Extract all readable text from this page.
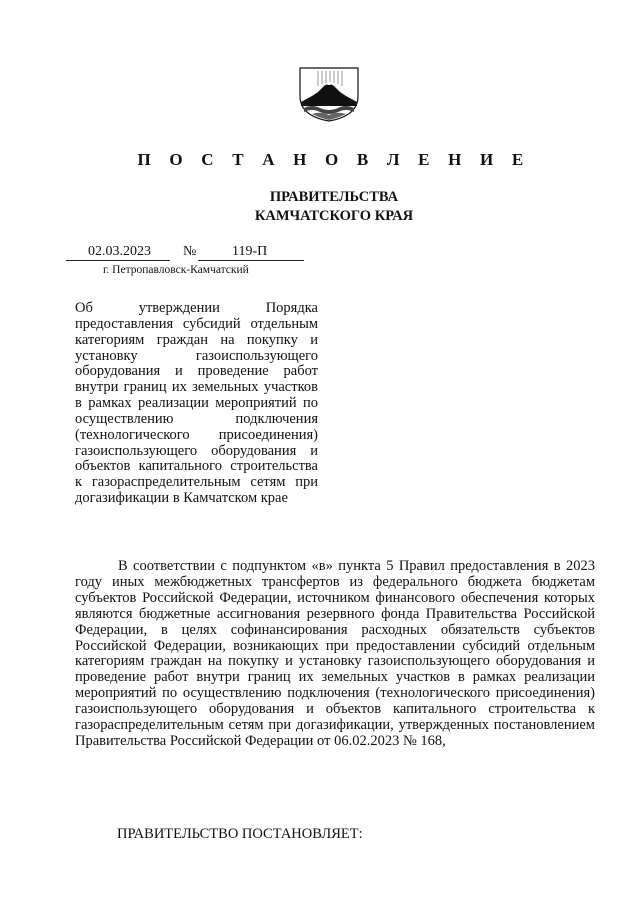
П О С Т А Н О В Л Е Н И Е
ПРАВИТЕЛЬСТВА
КАМЧАТСКОГО КРАЯ
02.03.2023 №	119-П
г. Петропавловск-Камчатский
Об утверждении Порядка предоставления субсидий отдельным категориям граждан на покупку и установку газоиспользующего оборудования и проведение работ внутри границ их земельных участков в рамках реализации мероприятий по осуществлению подключения (технологического присоединения) газоиспользующего оборудования и объектов капитального строительства к газораспределительным сетям при догазификации в Камчатском крае

В соответствии с подпунктом «в» пункта 5 Правил предоставления в 2023 году иных межбюджетных трансфертов из федерального бюджета бюджетам субъектов Российской Федерации, источником финансового обеспечения которых являются бюджетные ассигнования резервного фонда Правительства Российской Федерации, в целях софинансирования расходных обязательств субъектов Российской Федерации, возникающих при предоставлении субсидий отдельным категориям граждан на покупку и установку газоиспользующего оборудования и проведение работ внутри границ их земельных участков в рамках реализации мероприятий по осуществлению подключения (технологического присоединения) газоиспользующего оборудования и объектов капитального строительства к газораспределительным сетям при догазификации, утвержденных постановлением Правительства Российской Федерации от 06.02.2023 № 168,

ПРАВИТЕЛЬСТВО ПОСТАНОВЛЯЕТ:
